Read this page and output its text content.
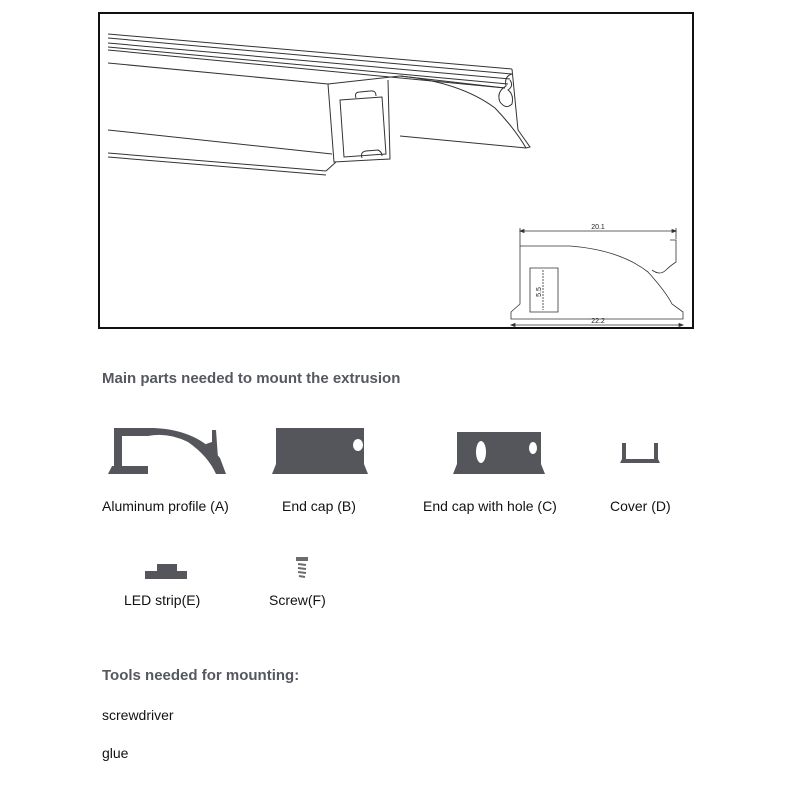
20.1
22.2
5.5
Main parts needed to mount the extrusion
Aluminum profile (A)	End cap (B)	End cap with hole (C)	Cover (D)
LED strip(E)	Screw(F)
Tools needed for mounting:
screwdriver
glue
